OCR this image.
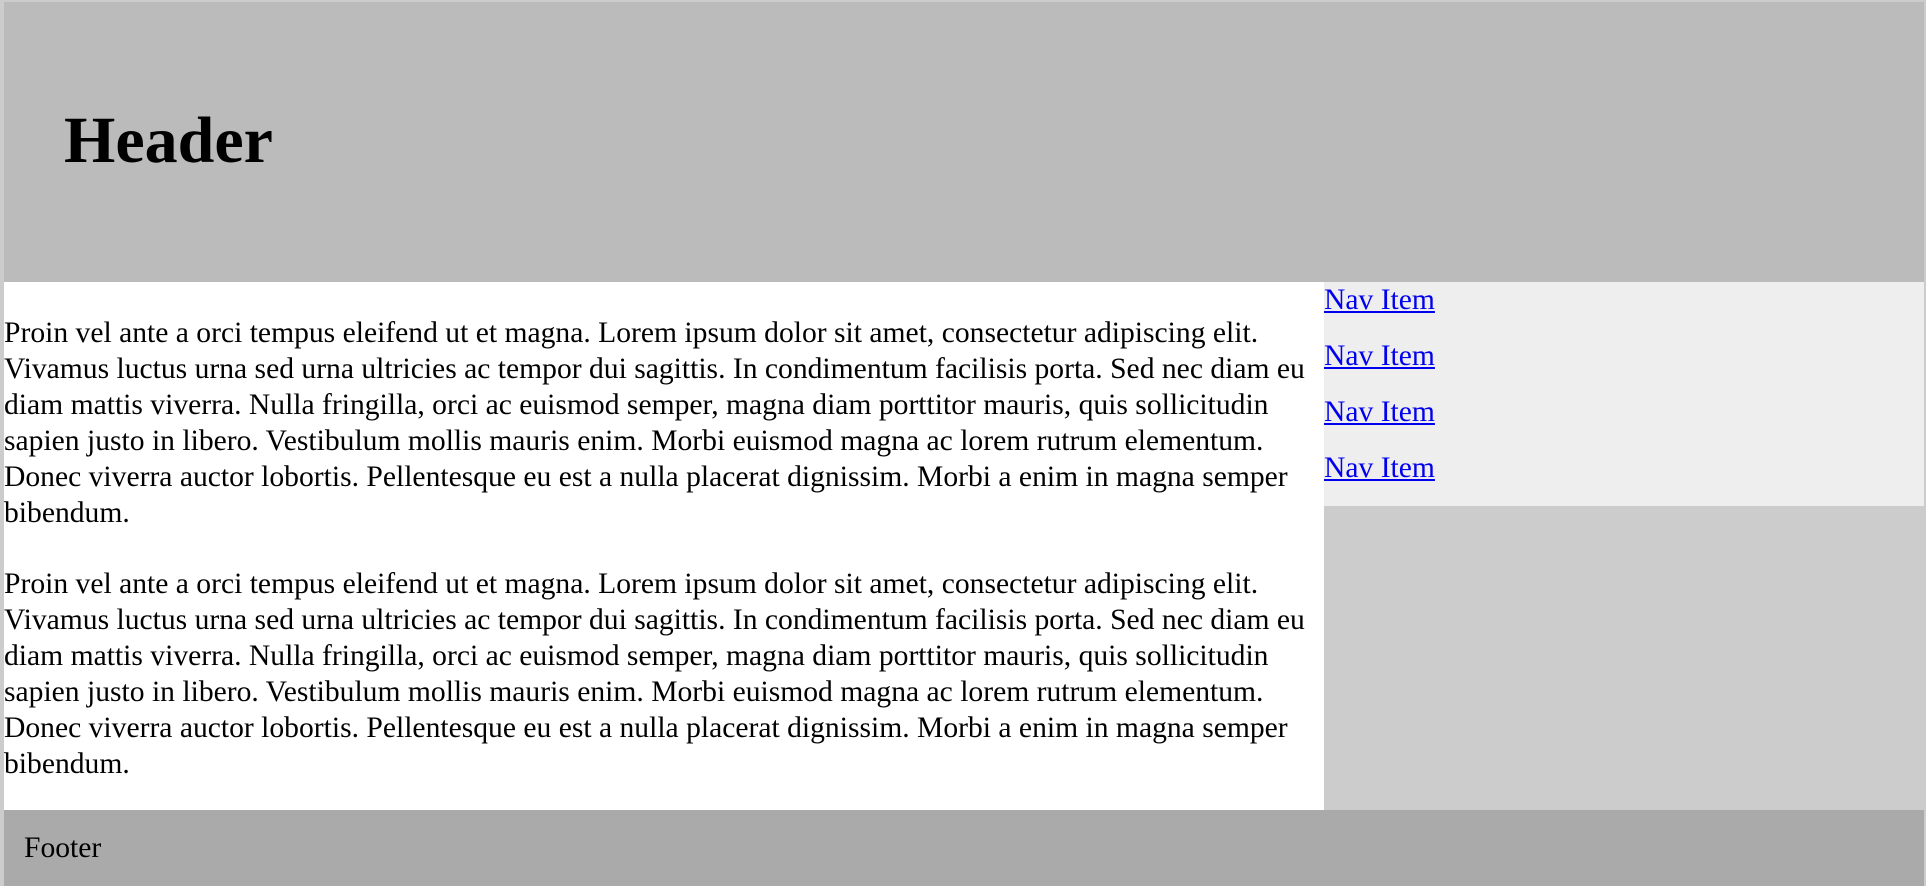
Header

Proin vel ante a orci tempus eleifend ut et magna. Lorem ipsum dolor sit amet, consectetur adipiscing elit. Vivamus luctus urna sed urna ultricies ac tempor dui sagittis. In condimentum facilisis porta. Sed nec diam eu diam mattis viverra. Nulla fringilla, orci ac euismod semper, magna diam porttitor mauris, quis sollicitudin sapien justo in libero. Vestibulum mollis mauris enim. Morbi euismod magna ac lorem rutrum elementum. Donec viverra auctor lobortis. Pellentesque eu est a nulla placerat dignissim. Morbi a enim in magna semper bibendum.

Proin vel ante a orci tempus eleifend ut et magna. Lorem ipsum dolor sit amet, consectetur adipiscing elit. Vivamus luctus urna sed urna ultricies ac tempor dui sagittis. In condimentum facilisis porta. Sed nec diam eu diam mattis viverra. Nulla fringilla, orci ac euismod semper, magna diam porttitor mauris, quis sollicitudin sapien justo in libero. Vestibulum mollis mauris enim. Morbi euismod magna ac lorem rutrum elementum. Donec viverra auctor lobortis. Pellentesque eu est a nulla placerat dignissim. Morbi a enim in magna semper bibendum.

Nav Item
Nav Item
Nav Item
Nav Item
Footer
